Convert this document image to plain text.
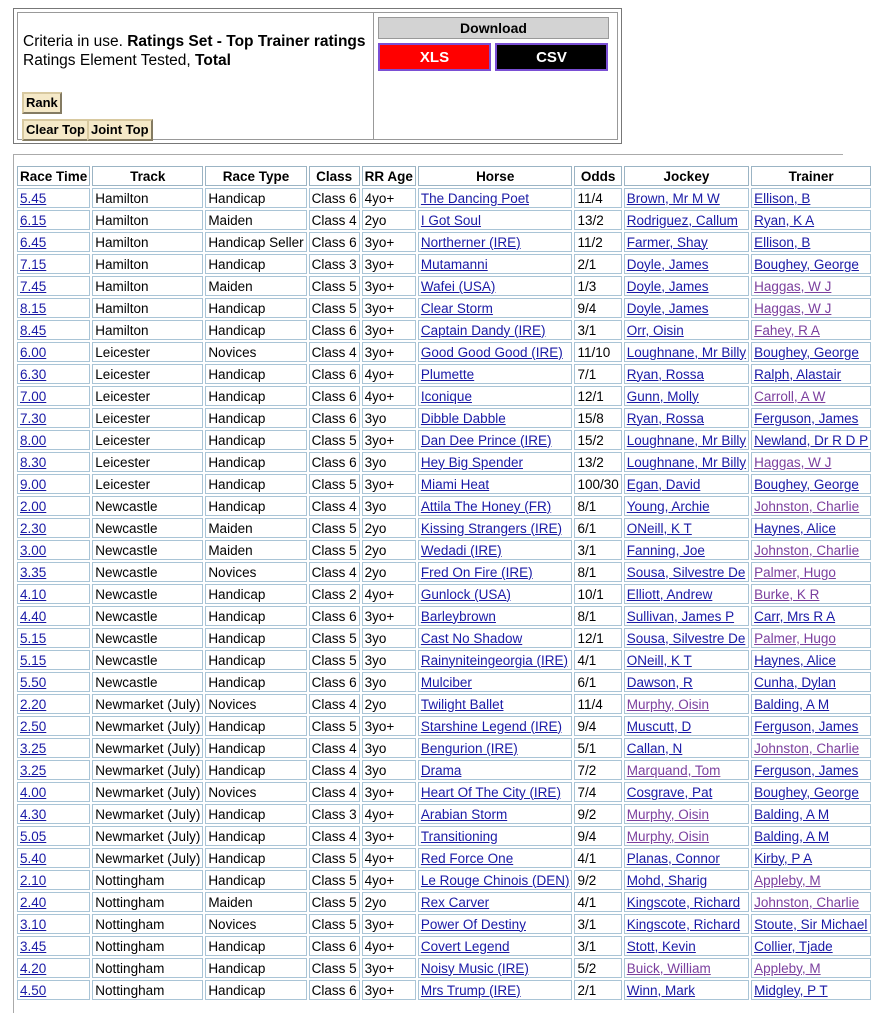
Criteria in use. Ratings Set - Top Trainer ratings
Ratings Element Tested, Total
Rank
Clear Top Joint Top
Download
XLS	CSV
Race Time	Track	Race Type	Class	RR Age	Horse	Odds	Jockey	Trainer
5.45	Hamilton	Handicap	Class 6	4yo+	The Dancing Poet	11/4	Brown, Mr M W	Ellison, B
6.15	Hamilton	Maiden	Class 4	2yo	I Got Soul	13/2	Rodriguez, Callum	Ryan, K A
6.45	Hamilton	Handicap Seller	Class 6	3yo+	Northerner (IRE)	11/2	Farmer, Shay	Ellison, B
7.15	Hamilton	Handicap	Class 3	3yo+	Mutamanni	2/1	Doyle, James	Boughey, George
7.45	Hamilton	Maiden	Class 5	3yo+	Wafei (USA)	1/3	Doyle, James	Haggas, W J
8.15	Hamilton	Handicap	Class 5	3yo+	Clear Storm	9/4	Doyle, James	Haggas, W J
8.45	Hamilton	Handicap	Class 6	3yo+	Captain Dandy (IRE)	3/1	Orr, Oisin	Fahey, R A
6.00	Leicester	Novices	Class 4	3yo+	Good Good Good (IRE)	11/10	Loughnane, Mr Billy	Boughey, George
6.30	Leicester	Handicap	Class 6	4yo+	Plumette	7/1	Ryan, Rossa	Ralph, Alastair
7.00	Leicester	Handicap	Class 6	4yo+	Iconique	12/1	Gunn, Molly	Carroll, A W
7.30	Leicester	Handicap	Class 6	3yo	Dibble Dabble	15/8	Ryan, Rossa	Ferguson, James
8.00	Leicester	Handicap	Class 5	3yo+	Dan Dee Prince (IRE)	15/2	Loughnane, Mr Billy	Newland, Dr R D P
8.30	Leicester	Handicap	Class 6	3yo	Hey Big Spender	13/2	Loughnane, Mr Billy	Haggas, W J
9.00	Leicester	Handicap	Class 5	3yo+	Miami Heat	100/30	Egan, David	Boughey, George
2.00	Newcastle	Handicap	Class 4	3yo	Attila The Honey (FR)	8/1	Young, Archie	Johnston, Charlie
2.30	Newcastle	Maiden	Class 5	2yo	Kissing Strangers (IRE)	6/1	ONeill, K T	Haynes, Alice
3.00	Newcastle	Maiden	Class 5	2yo	Wedadi (IRE)	3/1	Fanning, Joe	Johnston, Charlie
3.35	Newcastle	Novices	Class 4	2yo	Fred On Fire (IRE)	8/1	Sousa, Silvestre De	Palmer, Hugo
4.10	Newcastle	Handicap	Class 2	4yo+	Gunlock (USA)	10/1	Elliott, Andrew	Burke, K R
4.40	Newcastle	Handicap	Class 6	3yo+	Barleybrown	8/1	Sullivan, James P	Carr, Mrs R A
5.15	Newcastle	Handicap	Class 5	3yo	Cast No Shadow	12/1	Sousa, Silvestre De	Palmer, Hugo
5.15	Newcastle	Handicap	Class 5	3yo	Rainyniteingeorgia (IRE)	4/1	ONeill, K T	Haynes, Alice
5.50	Newcastle	Handicap	Class 6	3yo	Mulciber	6/1	Dawson, R	Cunha, Dylan
2.20	Newmarket (July)	Novices	Class 4	2yo	Twilight Ballet	11/4	Murphy, Oisin	Balding, A M
2.50	Newmarket (July)	Handicap	Class 5	3yo+	Starshine Legend (IRE)	9/4	Muscutt, D	Ferguson, James
3.25	Newmarket (July)	Handicap	Class 4	3yo	Bengurion (IRE)	5/1	Callan, N	Johnston, Charlie
3.25	Newmarket (July)	Handicap	Class 4	3yo	Drama	7/2	Marquand, Tom	Ferguson, James
4.00	Newmarket (July)	Novices	Class 4	3yo+	Heart Of The City (IRE)	7/4	Cosgrave, Pat	Boughey, George
4.30	Newmarket (July)	Handicap	Class 3	4yo+	Arabian Storm	9/2	Murphy, Oisin	Balding, A M
5.05	Newmarket (July)	Handicap	Class 4	3yo+	Transitioning	9/4	Murphy, Oisin	Balding, A M
5.40	Newmarket (July)	Handicap	Class 5	4yo+	Red Force One	4/1	Planas, Connor	Kirby, P A
2.10	Nottingham	Handicap	Class 5	4yo+	Le Rouge Chinois (DEN)	9/2	Mohd, Sharig	Appleby, M
2.40	Nottingham	Maiden	Class 5	2yo	Rex Carver	4/1	Kingscote, Richard	Johnston, Charlie
3.10	Nottingham	Novices	Class 5	3yo+	Power Of Destiny	3/1	Kingscote, Richard	Stoute, Sir Michael
3.45	Nottingham	Handicap	Class 6	4yo+	Covert Legend	3/1	Stott, Kevin	Collier, Tjade
4.20	Nottingham	Handicap	Class 5	3yo+	Noisy Music (IRE)	5/2	Buick, William	Appleby, M
4.50	Nottingham	Handicap	Class 6	3yo+	Mrs Trump (IRE)	2/1	Winn, Mark	Midgley, P T
